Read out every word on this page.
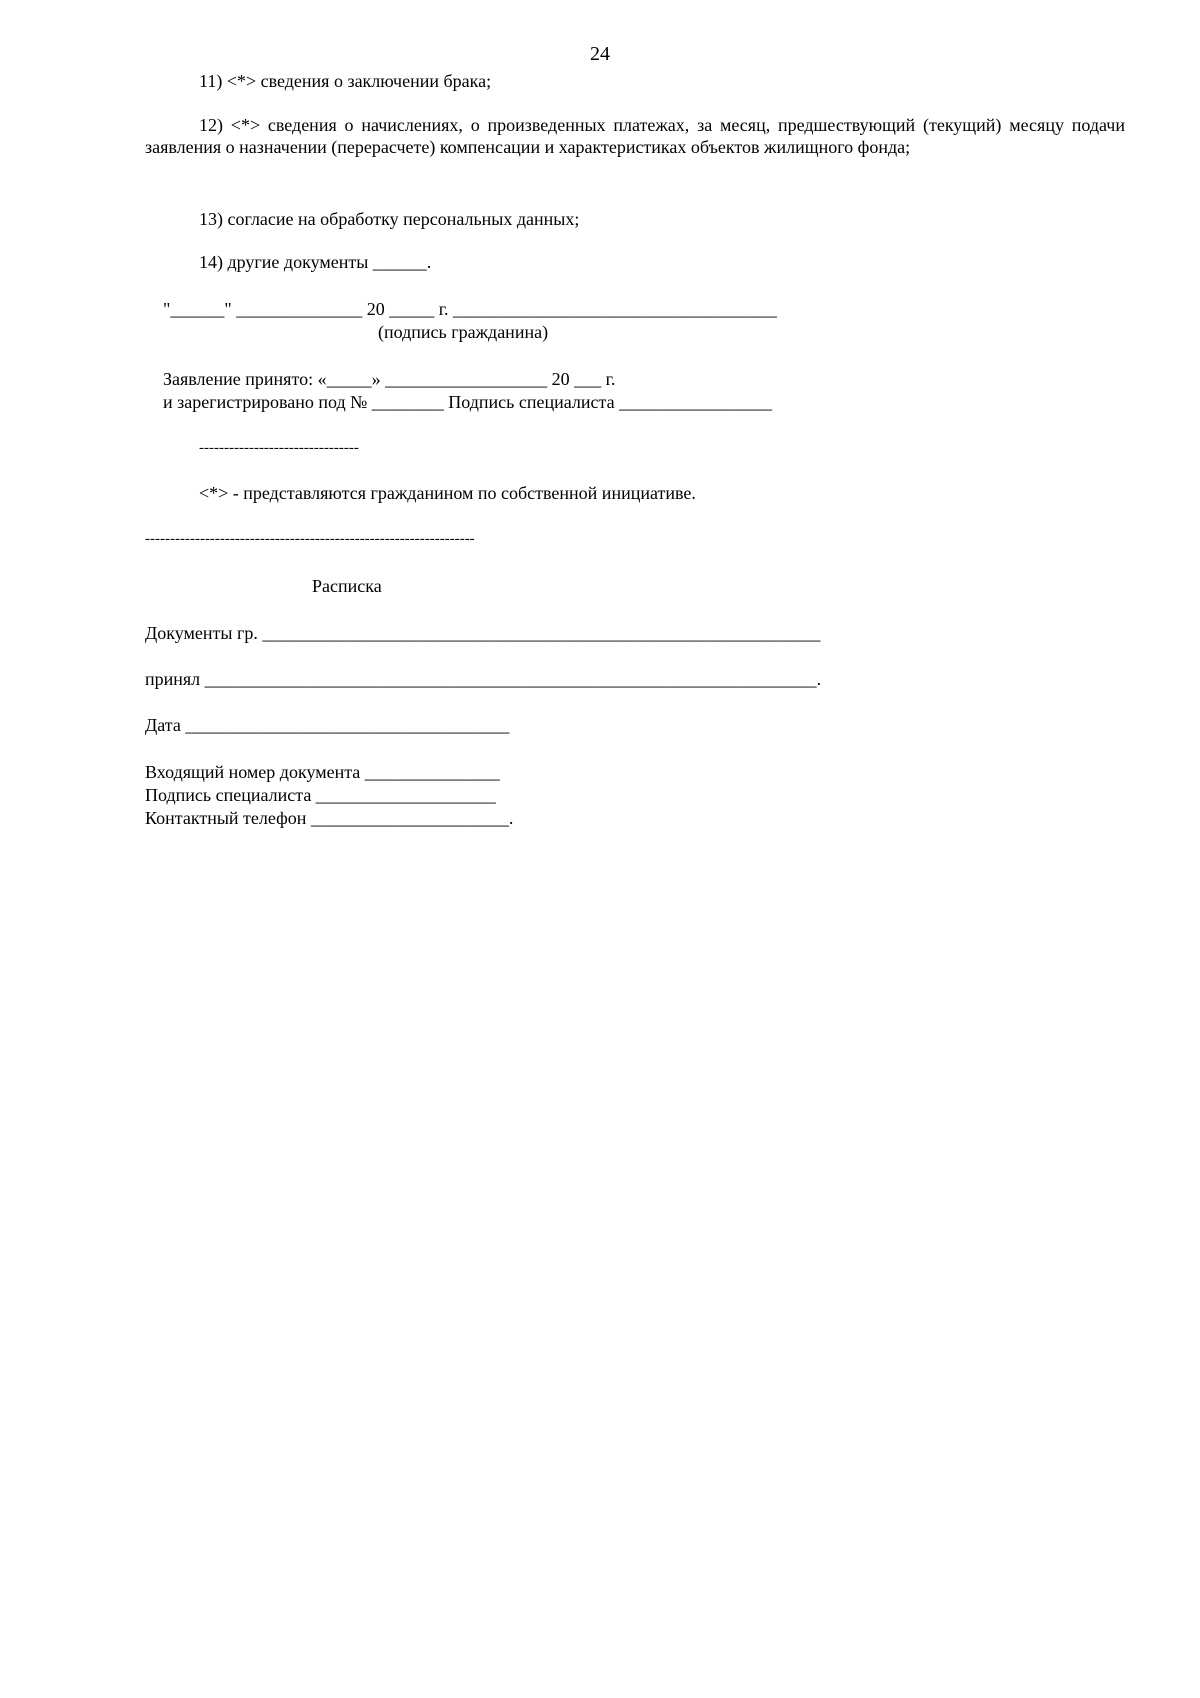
24
11) <*> сведения о заключении брака;
12) <*> сведения о начислениях, о произведенных платежах, за месяц, предшествующий (текущий) месяцу подачи заявления о назначении (перерасчете) компенсации и характеристиках объектов жилищного фонда;
13) согласие на обработку персональных данных;
14) другие документы ______.
"______" ______________ 20 _____ г. ____________________________________
(подпись гражданина)
Заявление принято: «_____» __________________ 20 ___ г.
и зарегистрировано под № ________ Подпись специалиста _________________
--------------------------------
<*> - представляются гражданином по собственной инициативе.
------------------------------------------------------------------
Расписка
Документы гр. ______________________________________________________________
принял ____________________________________________________________________.
Дата ____________________________________
Входящий номер документа _______________
Подпись специалиста ____________________
Контактный телефон ______________________.
